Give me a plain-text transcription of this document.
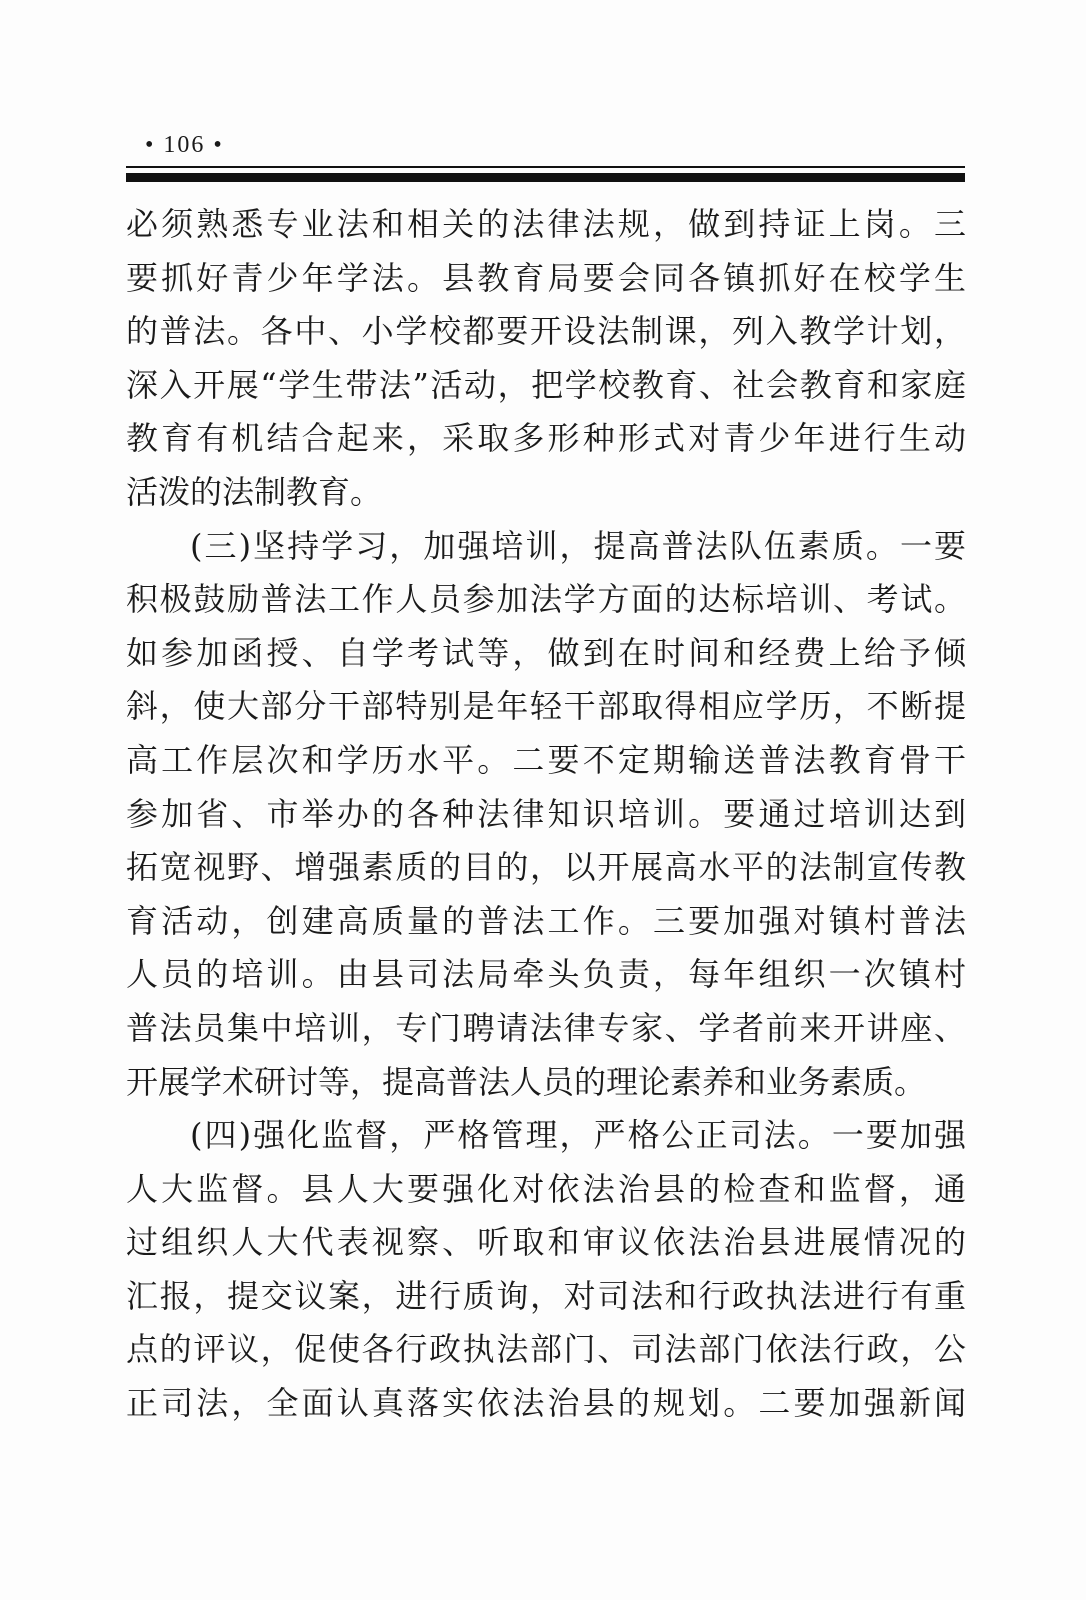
• 106 •
必须熟悉专业法和相关的法律法规，做到持证上岗。三
要抓好青少年学法。县教育局要会同各镇抓好在校学生
的普法。各中、小学校都要开设法制课，列入教学计划，
深入开展“学生带法”活动，把学校教育、社会教育和家庭
教育有机结合起来，采取多形种形式对青少年进行生动
活泼的法制教育。
(三)坚持学习，加强培训，提高普法队伍素质。一要
积极鼓励普法工作人员参加法学方面的达标培训、考试。
如参加函授、自学考试等，做到在时间和经费上给予倾
斜，使大部分干部特别是年轻干部取得相应学历，不断提
高工作层次和学历水平。二要不定期输送普法教育骨干
参加省、市举办的各种法律知识培训。要通过培训达到
拓宽视野、增强素质的目的，以开展高水平的法制宣传教
育活动，创建高质量的普法工作。三要加强对镇村普法
人员的培训。由县司法局牵头负责，每年组织一次镇村
普法员集中培训，专门聘请法律专家、学者前来开讲座、
开展学术研讨等，提高普法人员的理论素养和业务素质。
(四)强化监督，严格管理，严格公正司法。一要加强
人大监督。县人大要强化对依法治县的检查和监督，通
过组织人大代表视察、听取和审议依法治县进展情况的
汇报，提交议案，进行质询，对司法和行政执法进行有重
点的评议，促使各行政执法部门、司法部门依法行政，公
正司法，全面认真落实依法治县的规划。二要加强新闻
